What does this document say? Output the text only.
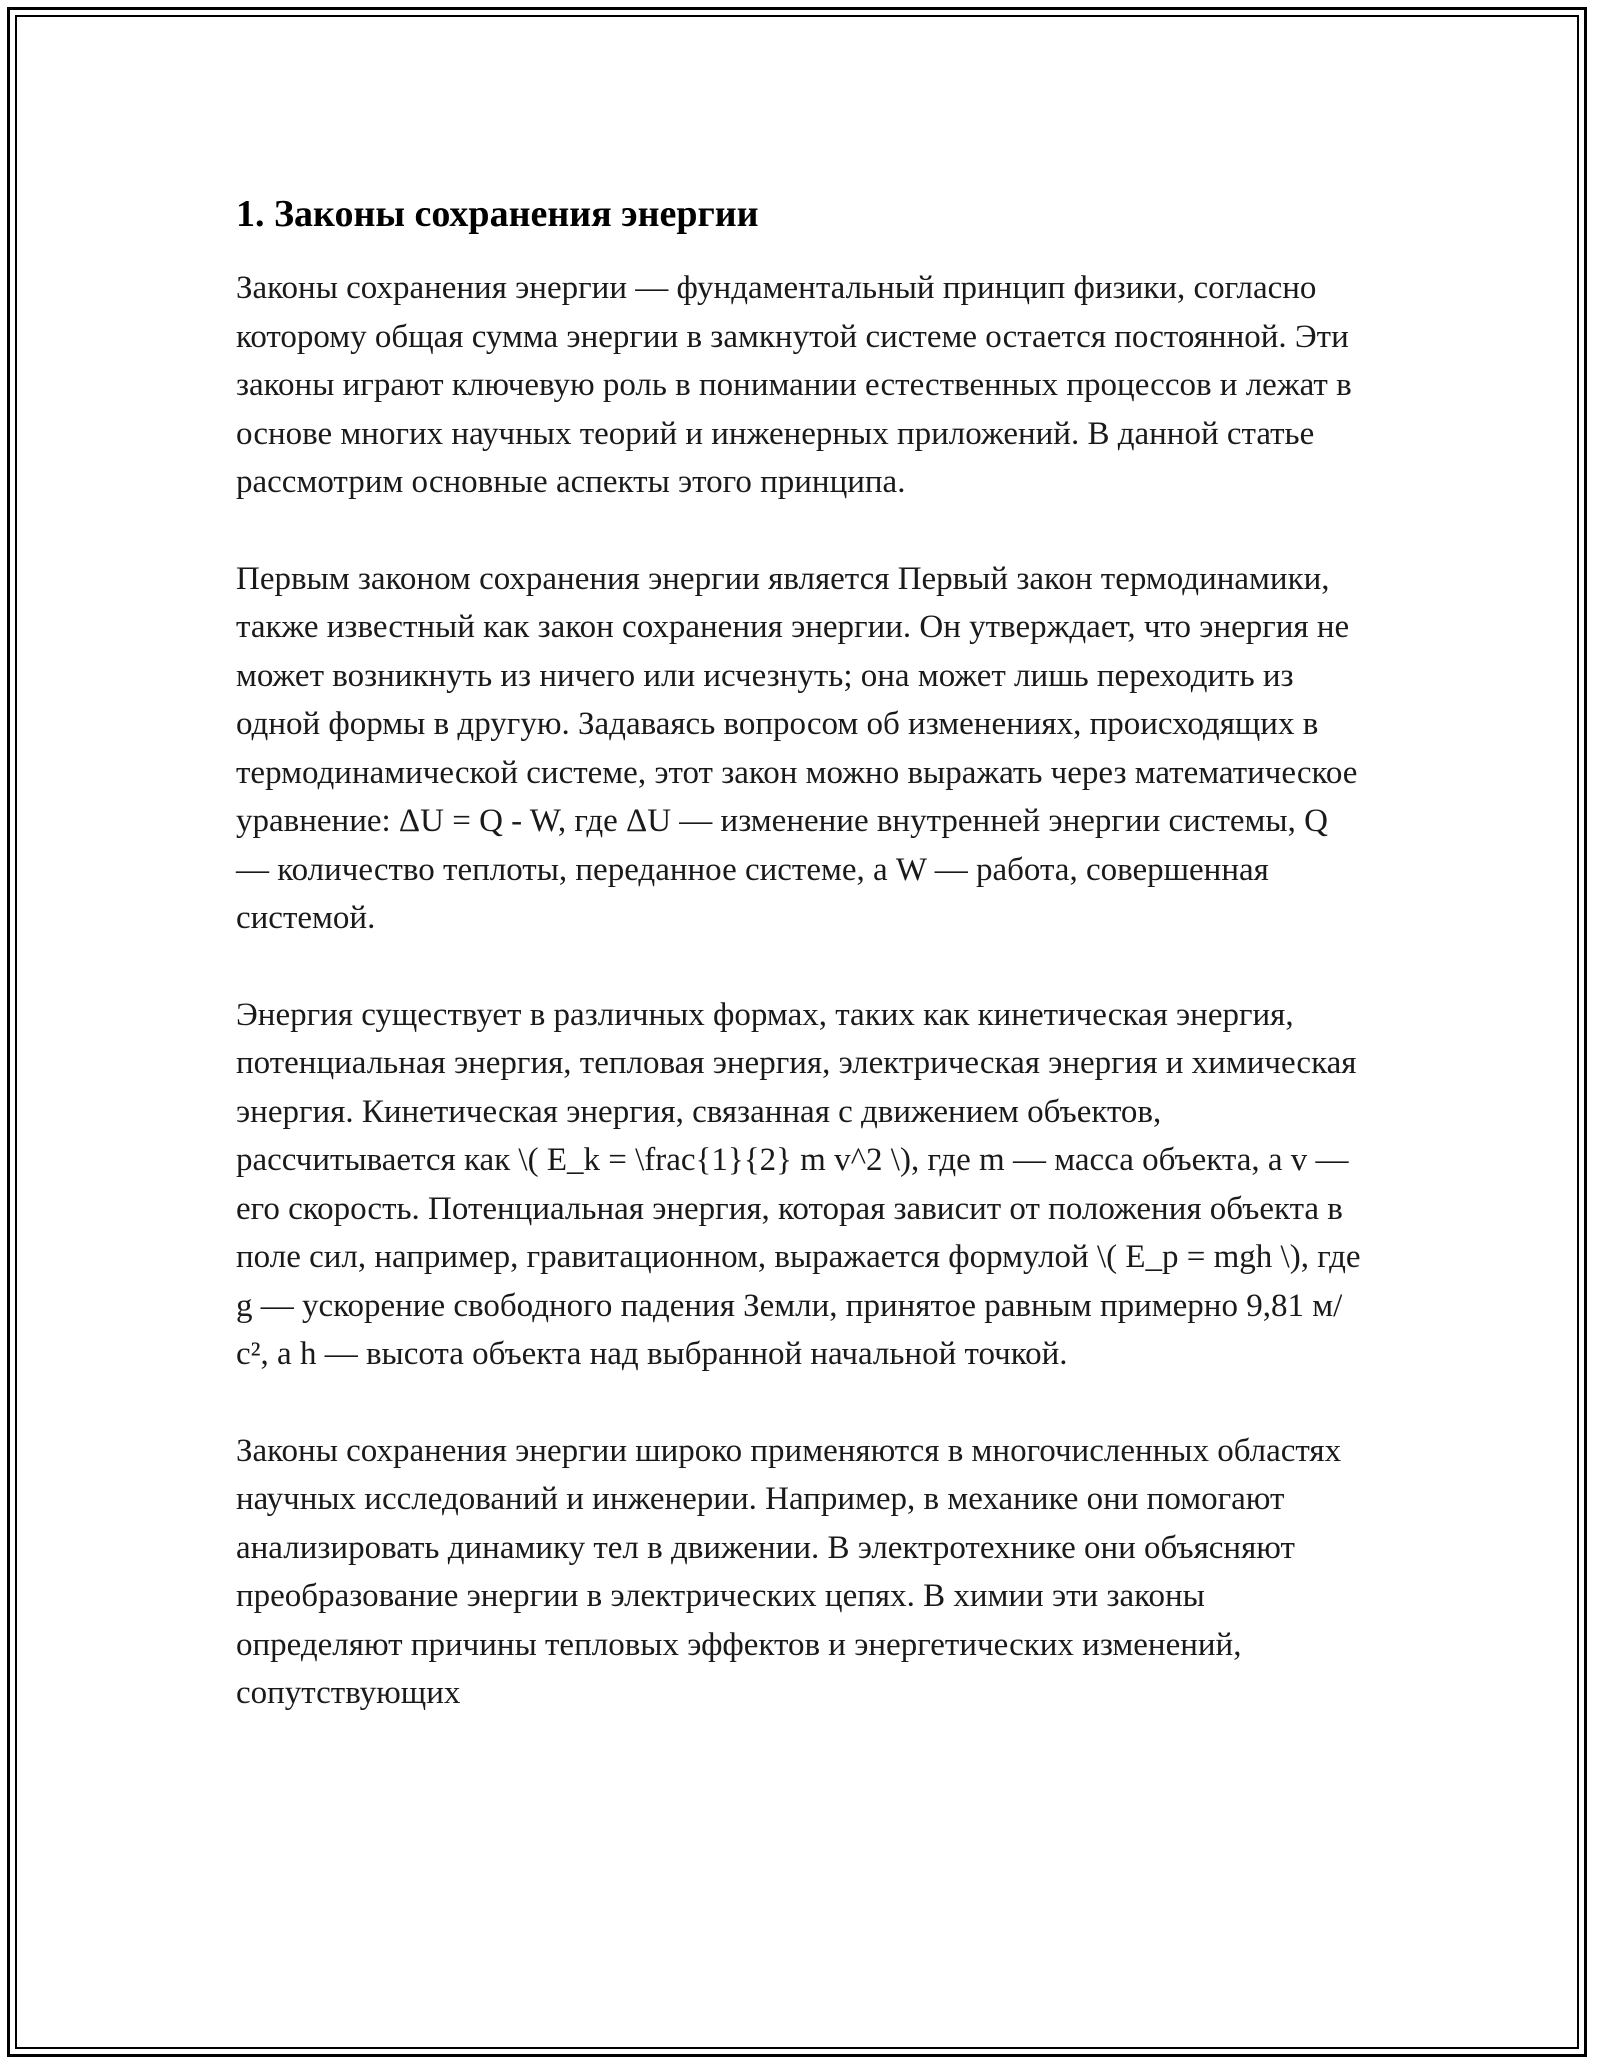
1. Законы сохранения энергии

Законы сохранения энергии — фундаментальный принцип физики, согласно которому общая сумма энергии в замкнутой системе остается постоянной. Эти законы играют ключевую роль в понимании естественных процессов и лежат в основе многих научных теорий и инженерных приложений. В данной статье рассмотрим основные аспекты этого принципа.

Первым законом сохранения энергии является Первый закон термодинамики, также известный как закон сохранения энергии. Он утверждает, что энергия не может возникнуть из ничего или исчезнуть; она может лишь переходить из одной формы в другую. Задаваясь вопросом об изменениях, происходящих в термодинамической системе, этот закон можно выражать через математическое уравнение: ΔU = Q - W, где ΔU — изменение внутренней энергии системы, Q — количество теплоты, переданное системе, а W — работа, совершенная системой.

Энергия существует в различных формах, таких как кинетическая энергия, потенциальная энергия, тепловая энергия, электрическая энергия и химическая энергия. Кинетическая энергия, связанная с движением объектов, рассчитывается как \( E_k = \frac{1}{2} m v^2 \), где m — масса объекта, а v — его скорость. Потенциальная энергия, которая зависит от положения объекта в поле сил, например, гравитационном, выражается формулой \( E_p = mgh \), где g — ускорение свободного падения Земли, принятое равным примерно 9,81 м/с², а h — высота объекта над выбранной начальной точкой.

Законы сохранения энергии широко применяются в многочисленных областях научных исследований и инженерии. Например, в механике они помогают анализировать динамику тел в движении. В электротехнике они объясняют преобразование энергии в электрических цепях. В химии эти законы определяют причины тепловых эффектов и энергетических изменений, сопутствующих
